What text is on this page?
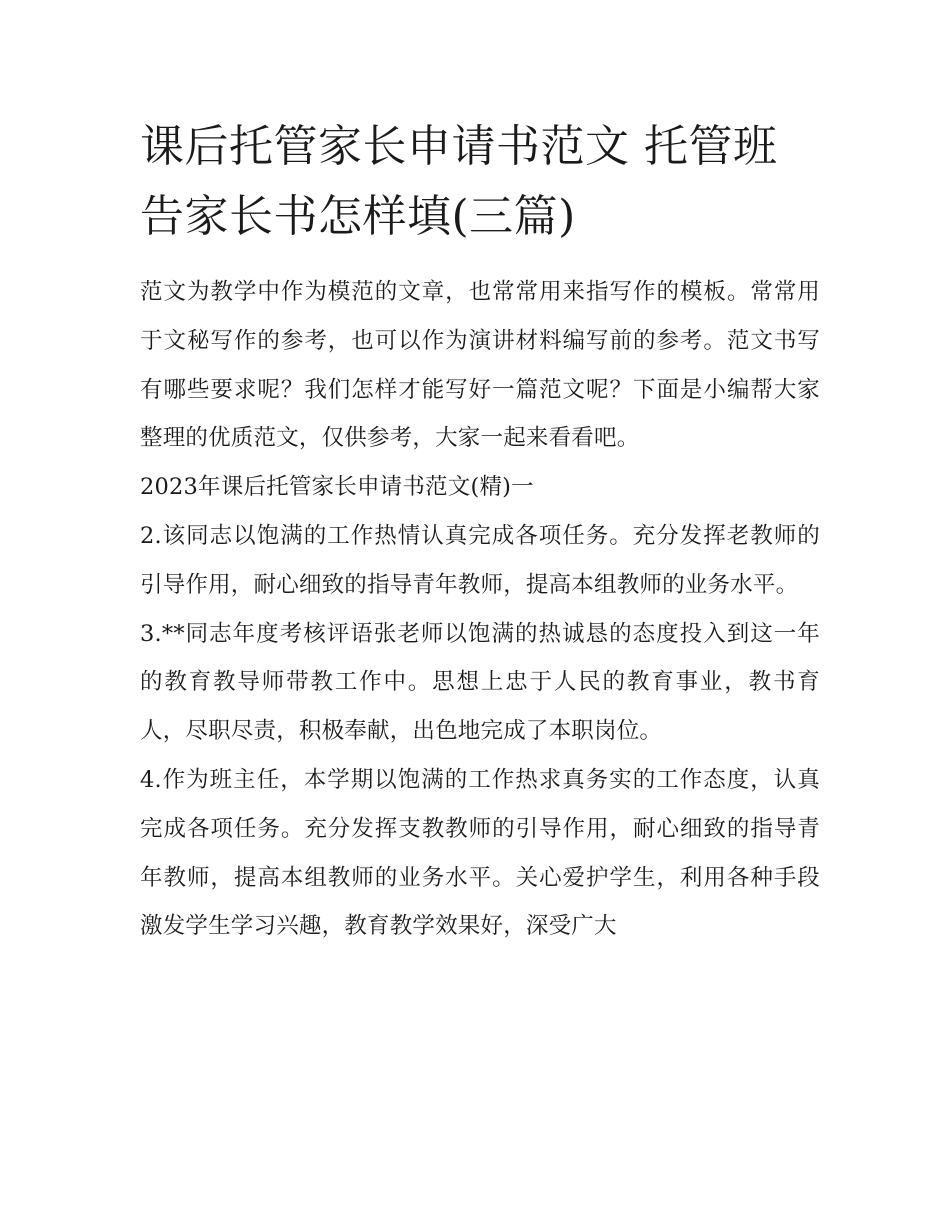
课后托管家长申请书范文 托管班告家长书怎样填(三篇)

范文为教学中作为模范的文章，也常常用来指写作的模板。常常用于文秘写作的参考，也可以作为演讲材料编写前的参考。范文书写有哪些要求呢？我们怎样才能写好一篇范文呢？下面是小编帮大家整理的优质范文，仅供参考，大家一起来看看吧。

2023年课后托管家长申请书范文(精)一

2.该同志以饱满的工作热情认真完成各项任务。充分发挥老教师的引导作用，耐心细致的指导青年教师，提高本组教师的业务水平。

3.**同志年度考核评语张老师以饱满的热诚恳的态度投入到这一年的教育教导师带教工作中。思想上忠于人民的教育事业，教书育人，尽职尽责，积极奉献，出色地完成了本职岗位。

4.作为班主任，本学期以饱满的工作热求真务实的工作态度，认真完成各项任务。充分发挥支教教师的引导作用，耐心细致的指导青年教师，提高本组教师的业务水平。关心爱护学生，利用各种手段激发学生学习兴趣，教育教学效果好，深受广大
